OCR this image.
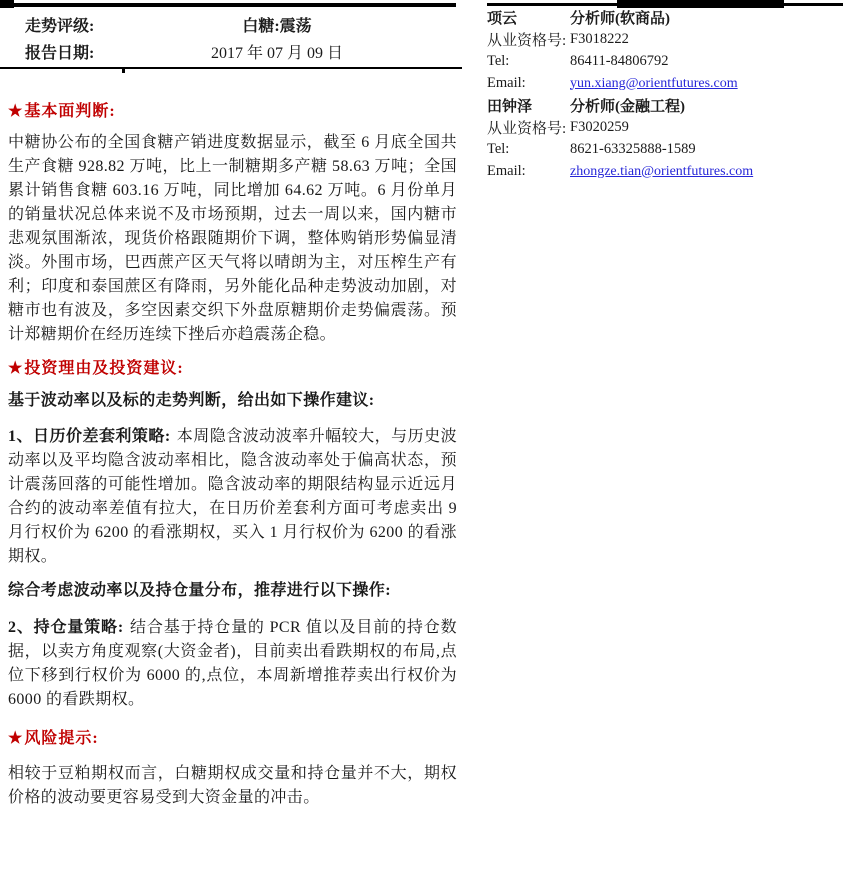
走势评级:	白糖:震荡
报告日期:	2017 年 07 月 09 日
★基本面判断:

中糖协公布的全国食糖产销进度数据显示，截至 6 月底全国共生产食糖 928.82 万吨，比上一制糖期多产糖 58.63 万吨；全国累计销售食糖 603.16 万吨，同比增加 64.62 万吨。6 月份单月的销量状况总体来说不及市场预期，过去一周以来，国内糖市悲观氛围渐浓，现货价格跟随期价下调，整体购销形势偏显清淡。外围市场，巴西蔗产区天气将以晴朗为主，对压榨生产有利；印度和泰国蔗区有降雨，另外能化品种走势波动加剧，对糖市也有波及，多空因素交织下外盘原糖期价走势偏震荡。预计郑糖期价在经历连续下挫后亦趋震荡企稳。

★投资理由及投资建议:

基于波动率以及标的走势判断，给出如下操作建议:

1、日历价差套利策略: 本周隐含波动波率升幅较大，与历史波动率以及平均隐含波动率相比，隐含波动率处于偏高状态，预计震荡回落的可能性增加。隐含波动率的期限结构显示近远月合约的波动率差值有拉大，在日历价差套利方面可考虑卖出 9 月行权价为 6200 的看涨期权，买入 1 月行权价为 6200 的看涨期权。

综合考虑波动率以及持仓量分布，推荐进行以下操作:

2、持仓量策略: 结合基于持仓量的 PCR 值以及目前的持仓数据，以卖方角度观察(大资金者)，目前卖出看跌期权的布局,点位下移到行权价为 6000 的,点位，本周新增推荐卖出行权价为 6000 的看跌期权。

★风险提示:

相较于豆粕期权而言，白糖期权成交量和持仓量并不大，期权价格的波动要更容易受到大资金量的冲击。

项云	分析师(软商品)
从业资格号: F3018222
Tel:	86411-84806792
Email:	yun.xiang@orientfutures.com
田钟泽	分析师(金融工程)
从业资格号: F3020259
Tel:	8621-63325888-1589
Email:	zhongze.tian@orientfutures.com
